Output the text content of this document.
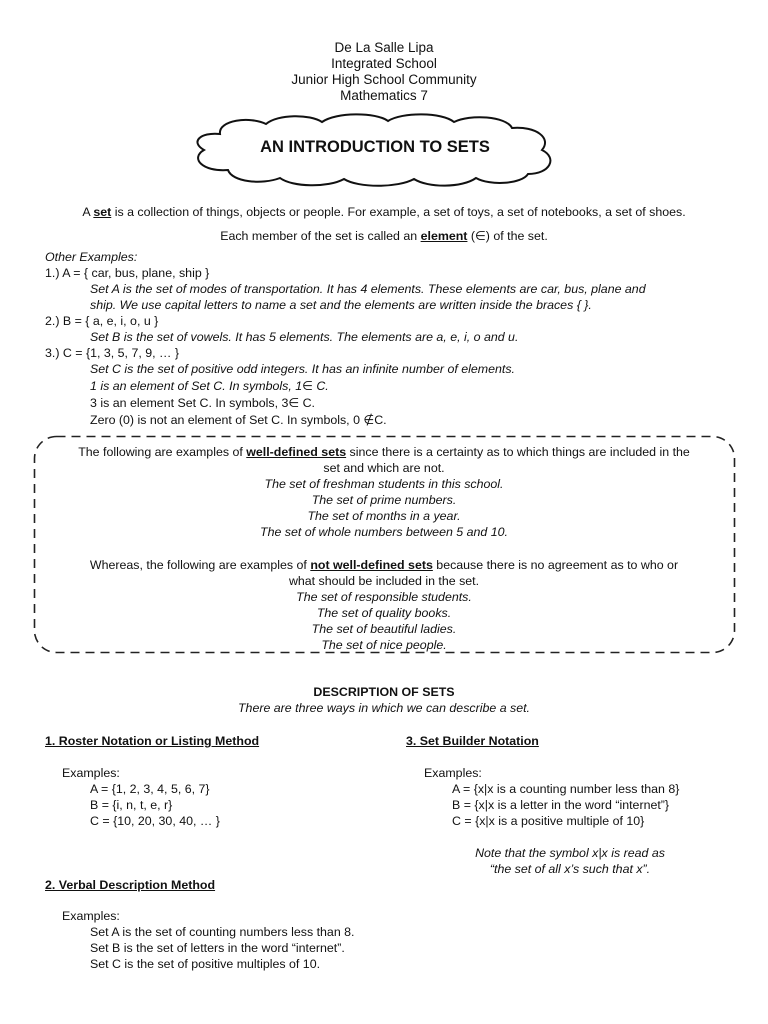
De La Salle Lipa
Integrated School
Junior High School Community
Mathematics 7
AN INTRODUCTION TO SETS
A set is a collection of things, objects or people. For example, a set of toys, a set of notebooks, a set of shoes.
Each member of the set is called an element (∈) of the set.
Other Examples:
1.) A = { car, bus, plane, ship }
Set A is the set of modes of transportation. It has 4 elements. These elements are car, bus, plane and
ship. We use capital letters to name a set and the elements are written inside the braces { }.
2.) B = { a, e, i, o, u }
Set B is the set of vowels. It has 5 elements. The elements are a, e, i, o and u.
3.) C = {1, 3, 5, 7, 9, … }
Set C is the set of positive odd integers. It has an infinite number of elements.
1 is an element of Set C. In symbols, 1∈ C.
3 is an element Set C. In symbols, 3∈ C.
Zero (0) is not an element of Set C. In symbols, 0 ∉C.
The following are examples of well-defined sets since there is a certainty as to which things are included in the
set and which are not.
The set of freshman students in this school.
The set of prime numbers.
The set of months in a year.
The set of whole numbers between 5 and 10.
Whereas, the following are examples of not well-defined sets because there is no agreement as to who or
what should be included in the set.
The set of responsible students.
The set of quality books.
The set of beautiful ladies.
The set of nice people.
DESCRIPTION OF SETS
There are three ways in which we can describe a set.
1. Roster Notation or Listing Method
Examples:
A = {1, 2, 3, 4, 5, 6, 7}
B = {i, n, t, e, r}
C = {10, 20, 30, 40, … }
3. Set Builder Notation
Examples:
A = {x|x is a counting number less than 8}
B = {x|x is a letter in the word “internet”}
C = {x|x is a positive multiple of 10}
Note that the symbol x|x is read as
“the set of all x’s such that x”.
2. Verbal Description Method
Examples:
Set A is the set of counting numbers less than 8.
Set B is the set of letters in the word “internet”.
Set C is the set of positive multiples of 10.
